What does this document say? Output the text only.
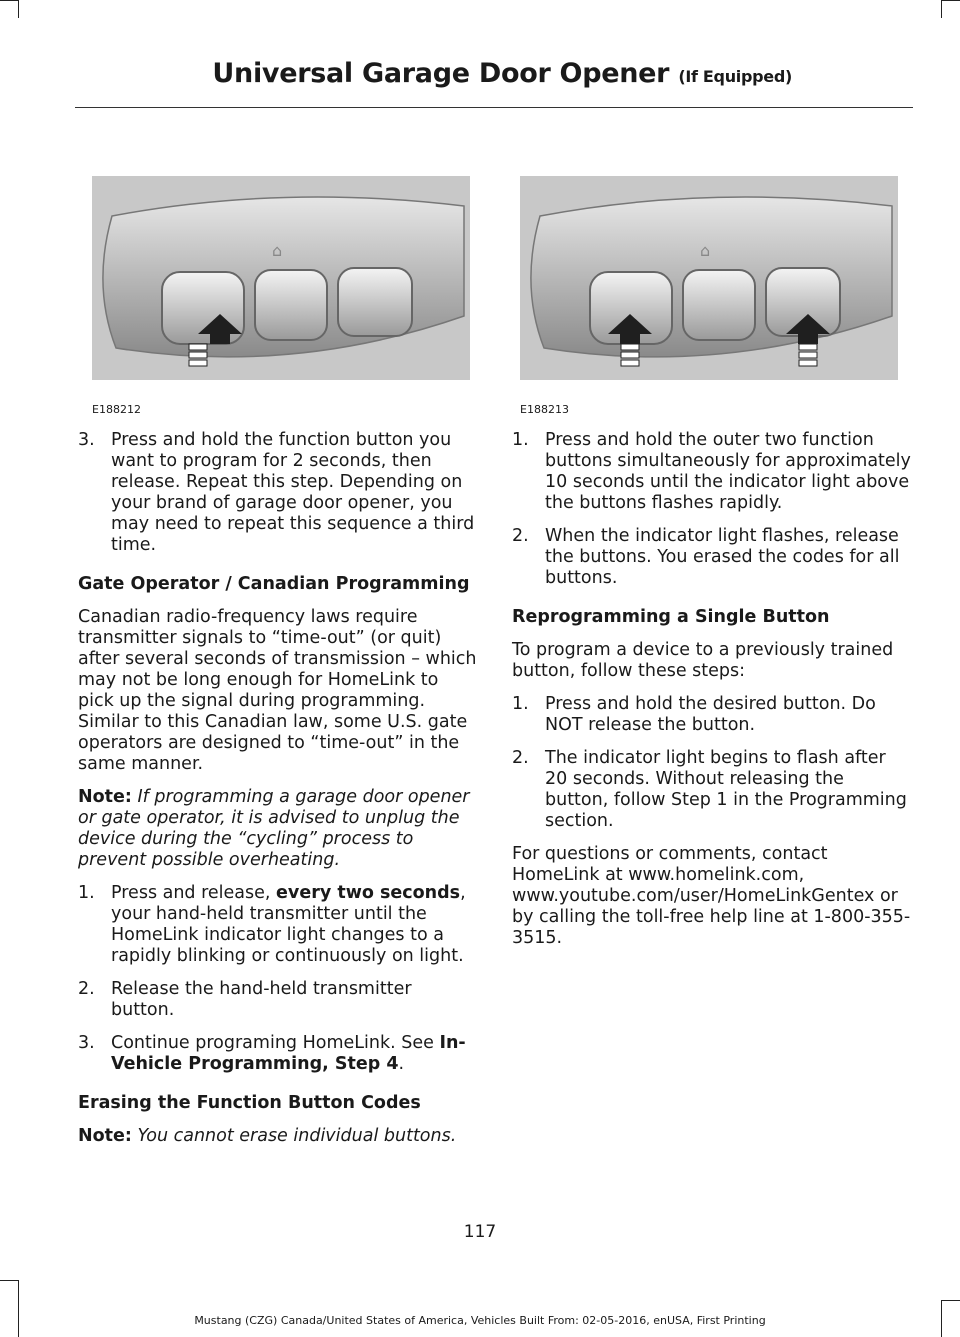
Universal Garage Door Opener (If Equipped)
⌂
E188212
⌂
E188213
3. Press and hold the function button you want to program for 2 seconds, then release. Repeat this step. Depending on your brand of garage door opener, you may need to repeat this sequence a third time.
Gate Operator / Canadian Programming

Canadian radio-frequency laws require transmitter signals to “time-out” (or quit) after several seconds of transmission – which may not be long enough for HomeLink to pick up the signal during programming. Similar to this Canadian law, some U.S. gate operators are designed to “time-out” in the same manner.

Note: If programming a garage door opener or gate operator, it is advised to unplug the device during the “cycling” process to prevent possible overheating.

1. Press and release, every two seconds, your hand-held transmitter until the HomeLink indicator light changes to a rapidly blinking or continuously on light.
2. Release the hand-held transmitter button.
3. Continue programing HomeLink. See In-Vehicle Programming, Step 4.
Erasing the Function Button Codes

Note: You cannot erase individual buttons.

1. Press and hold the outer two function buttons simultaneously for approximately 10 seconds until the indicator light above the buttons flashes rapidly.
2. When the indicator light flashes, release the buttons. You erased the codes for all buttons.
Reprogramming a Single Button

To program a device to a previously trained button, follow these steps:

1. Press and hold the desired button. Do NOT release the button.
2. The indicator light begins to flash after 20 seconds. Without releasing the button, follow Step 1 in the Programming section.

For questions or comments, contact HomeLink at www.homelink.com, www.youtube.com/user/HomeLinkGentex or by calling the toll-free help line at 1-800-355-3515.

117
Mustang (CZG) Canada/United States of America, Vehicles Built From: 02-05-2016, enUSA, First Printing
